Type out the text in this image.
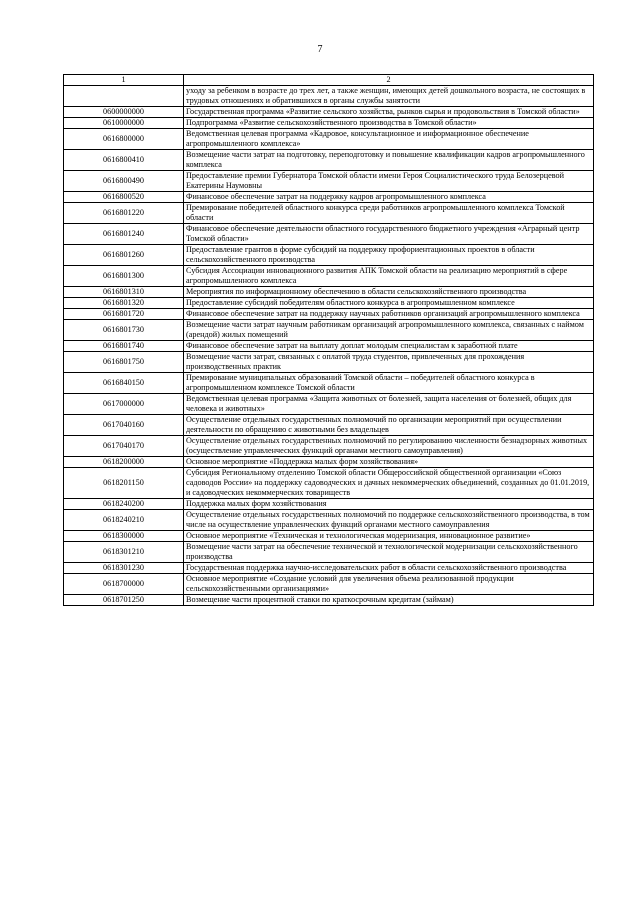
7
1	2
	уходу за ребенком в возрасте до трех лет, а также женщин, имеющих детей дошкольного возраста, не состоящих в трудовых отношениях и обратившихся в органы службы занятости
0600000000	Государственная программа «Развитие сельского хозяйства, рынков сырья и продовольствия в Томской области»
0610000000	Подпрограмма «Развитие сельскохозяйственного производства в Томской области»
0616800000	Ведомственная целевая программа «Кадровое, консультационное и информационное обеспечение агропромышленного комплекса»
0616800410	Возмещение части затрат на подготовку, переподготовку и повышение квалификации кадров агропромышленного комплекса
0616800490	Предоставление премии Губернатора Томской области имени Героя Социалистического труда Белозерцевой Екатерины Наумовны
0616800520	Финансовое обеспечение затрат на поддержку кадров агропромышленного комплекса
0616801220	Премирование победителей областного конкурса среди работников агропромышленного комплекса Томской области
0616801240	Финансовое обеспечение деятельности областного государственного бюджетного учреждения «Аграрный центр Томской области»
0616801260	Предоставление грантов в форме субсидий на поддержку профориентационных проектов в области сельскохозяйственного производства
0616801300	Субсидия Ассоциации инновационного развития АПК Томской области на реализацию мероприятий в сфере агропромышленного комплекса
0616801310	Мероприятия по информационному обеспечению в области сельскохозяйственного производства
0616801320	Предоставление субсидий победителям областного конкурса в агропромышленном комплексе
0616801720	Финансовое обеспечение затрат на поддержку научных работников организаций агропромышленного комплекса
0616801730	Возмещение части затрат научным работникам организаций агропромышленного комплекса, связанных с наймом (арендой) жилых помещений
0616801740	Финансовое обеспечение затрат на выплату доплат молодым специалистам к заработной плате
0616801750	Возмещение части затрат, связанных с оплатой труда студентов, привлеченных для прохождения производственных практик
0616840150	Премирование муниципальных образований Томской области – победителей областного конкурса в агропромышленном комплексе Томской области
0617000000	Ведомственная целевая программа «Защита животных от болезней, защита населения от болезней, общих для человека и животных»
0617040160	Осуществление отдельных государственных полномочий по организации мероприятий при осуществлении деятельности по обращению с животными без владельцев
0617040170	Осуществление отдельных государственных полномочий по регулированию численности безнадзорных животных (осуществление управленческих функций органами местного самоуправления)
0618200000	Основное мероприятие «Поддержка малых форм хозяйствования»
0618201150	Субсидия Региональному отделению Томской области Общероссийской общественной организации «Союз садоводов России» на поддержку садоводческих и дачных некоммерческих объединений, созданных до 01.01.2019, и садоводческих некоммерческих товариществ
0618240200	Поддержка малых форм хозяйствования
0618240210	Осуществление отдельных государственных полномочий по поддержке сельскохозяйственного производства, в том числе на осуществление управленческих функций органами местного самоуправления
0618300000	Основное мероприятие «Техническая и технологическая модернизация, инновационное развитие»
0618301210	Возмещение части затрат на обеспечение технической и технологической модернизации сельскохозяйственного производства
0618301230	Государственная поддержка научно-исследовательских работ в области сельскохозяйственного производства
0618700000	Основное мероприятие «Создание условий для увеличения объема реализованной продукции сельскохозяйственными организациями»
0618701250	Возмещение части процентной ставки по краткосрочным кредитам (займам)
